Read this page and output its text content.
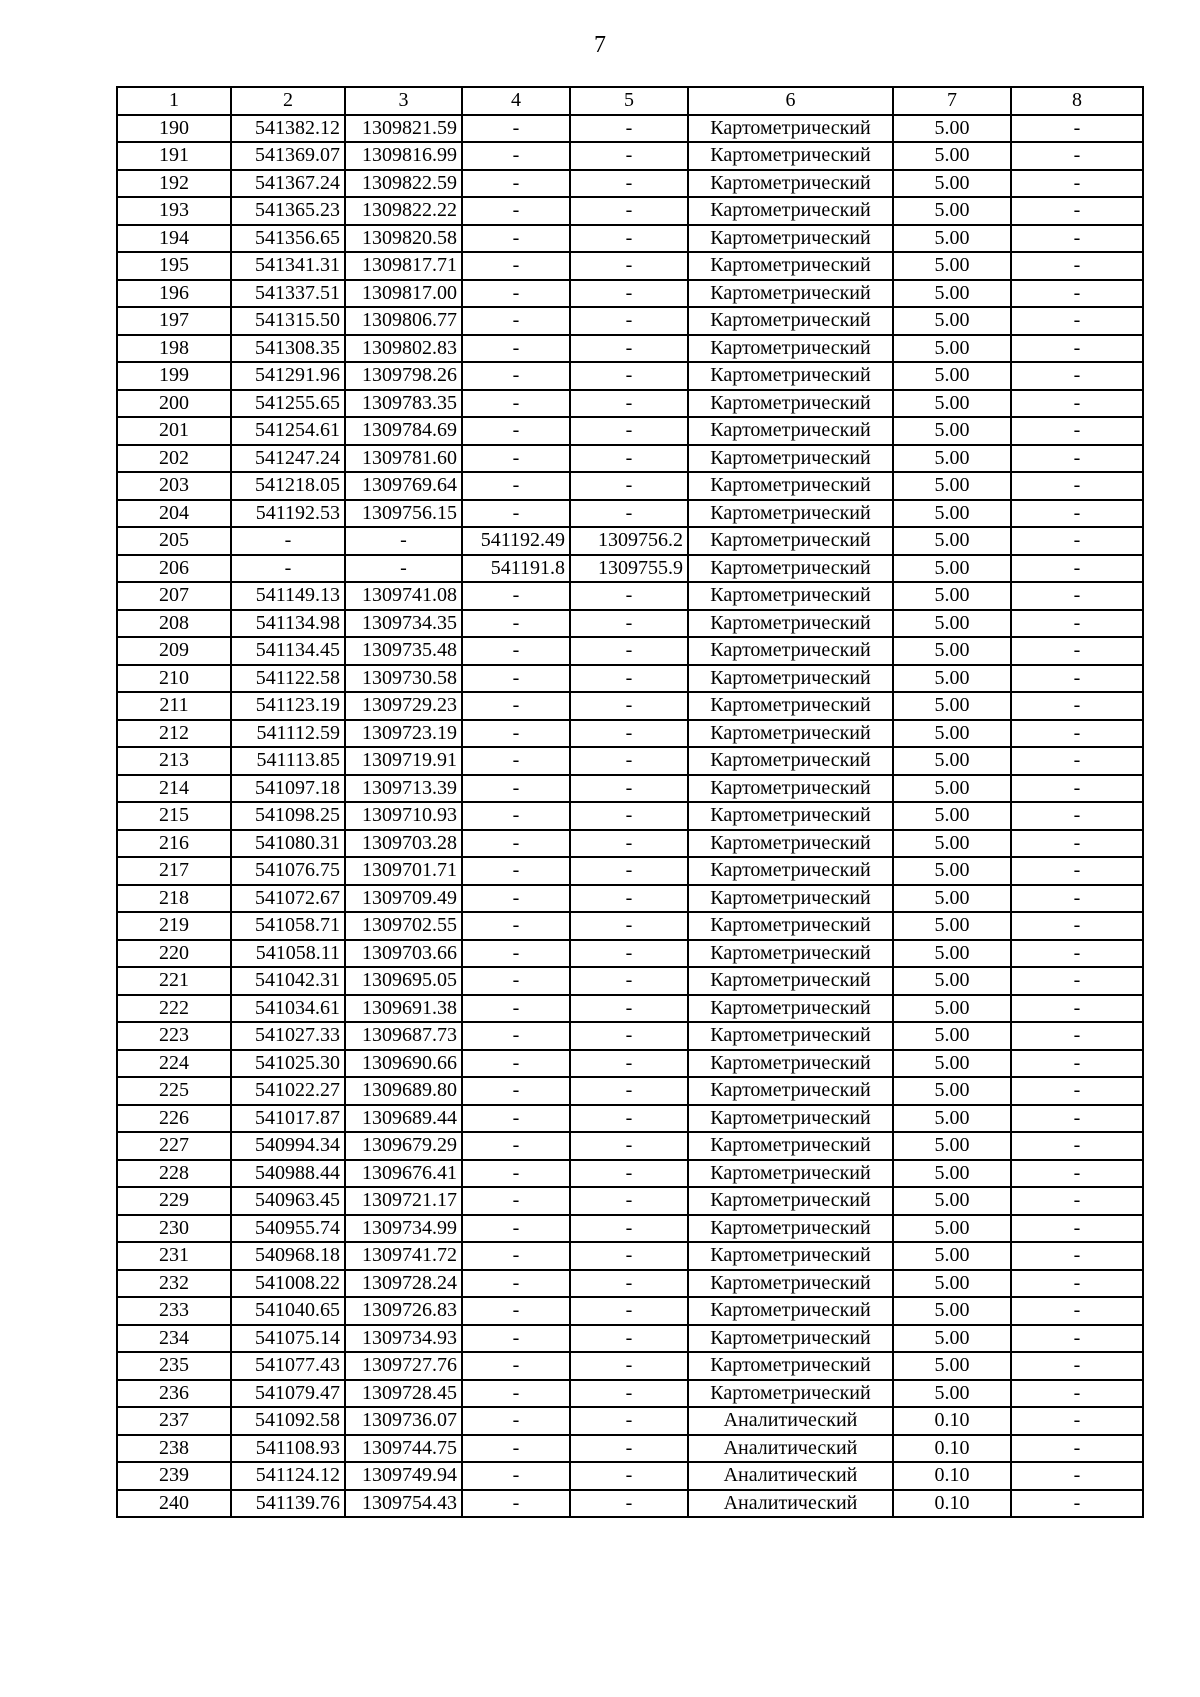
7
1	2	3	4	5	6	7	8
190	541382.12	1309821.59	-	-	Картометрический	5.00	-
191	541369.07	1309816.99	-	-	Картометрический	5.00	-
192	541367.24	1309822.59	-	-	Картометрический	5.00	-
193	541365.23	1309822.22	-	-	Картометрический	5.00	-
194	541356.65	1309820.58	-	-	Картометрический	5.00	-
195	541341.31	1309817.71	-	-	Картометрический	5.00	-
196	541337.51	1309817.00	-	-	Картометрический	5.00	-
197	541315.50	1309806.77	-	-	Картометрический	5.00	-
198	541308.35	1309802.83	-	-	Картометрический	5.00	-
199	541291.96	1309798.26	-	-	Картометрический	5.00	-
200	541255.65	1309783.35	-	-	Картометрический	5.00	-
201	541254.61	1309784.69	-	-	Картометрический	5.00	-
202	541247.24	1309781.60	-	-	Картометрический	5.00	-
203	541218.05	1309769.64	-	-	Картометрический	5.00	-
204	541192.53	1309756.15	-	-	Картометрический	5.00	-
205	-	-	541192.49	1309756.2	Картометрический	5.00	-
206	-	-	541191.8	1309755.9	Картометрический	5.00	-
207	541149.13	1309741.08	-	-	Картометрический	5.00	-
208	541134.98	1309734.35	-	-	Картометрический	5.00	-
209	541134.45	1309735.48	-	-	Картометрический	5.00	-
210	541122.58	1309730.58	-	-	Картометрический	5.00	-
211	541123.19	1309729.23	-	-	Картометрический	5.00	-
212	541112.59	1309723.19	-	-	Картометрический	5.00	-
213	541113.85	1309719.91	-	-	Картометрический	5.00	-
214	541097.18	1309713.39	-	-	Картометрический	5.00	-
215	541098.25	1309710.93	-	-	Картометрический	5.00	-
216	541080.31	1309703.28	-	-	Картометрический	5.00	-
217	541076.75	1309701.71	-	-	Картометрический	5.00	-
218	541072.67	1309709.49	-	-	Картометрический	5.00	-
219	541058.71	1309702.55	-	-	Картометрический	5.00	-
220	541058.11	1309703.66	-	-	Картометрический	5.00	-
221	541042.31	1309695.05	-	-	Картометрический	5.00	-
222	541034.61	1309691.38	-	-	Картометрический	5.00	-
223	541027.33	1309687.73	-	-	Картометрический	5.00	-
224	541025.30	1309690.66	-	-	Картометрический	5.00	-
225	541022.27	1309689.80	-	-	Картометрический	5.00	-
226	541017.87	1309689.44	-	-	Картометрический	5.00	-
227	540994.34	1309679.29	-	-	Картометрический	5.00	-
228	540988.44	1309676.41	-	-	Картометрический	5.00	-
229	540963.45	1309721.17	-	-	Картометрический	5.00	-
230	540955.74	1309734.99	-	-	Картометрический	5.00	-
231	540968.18	1309741.72	-	-	Картометрический	5.00	-
232	541008.22	1309728.24	-	-	Картометрический	5.00	-
233	541040.65	1309726.83	-	-	Картометрический	5.00	-
234	541075.14	1309734.93	-	-	Картометрический	5.00	-
235	541077.43	1309727.76	-	-	Картометрический	5.00	-
236	541079.47	1309728.45	-	-	Картометрический	5.00	-
237	541092.58	1309736.07	-	-	Аналитический	0.10	-
238	541108.93	1309744.75	-	-	Аналитический	0.10	-
239	541124.12	1309749.94	-	-	Аналитический	0.10	-
240	541139.76	1309754.43	-	-	Аналитический	0.10	-
